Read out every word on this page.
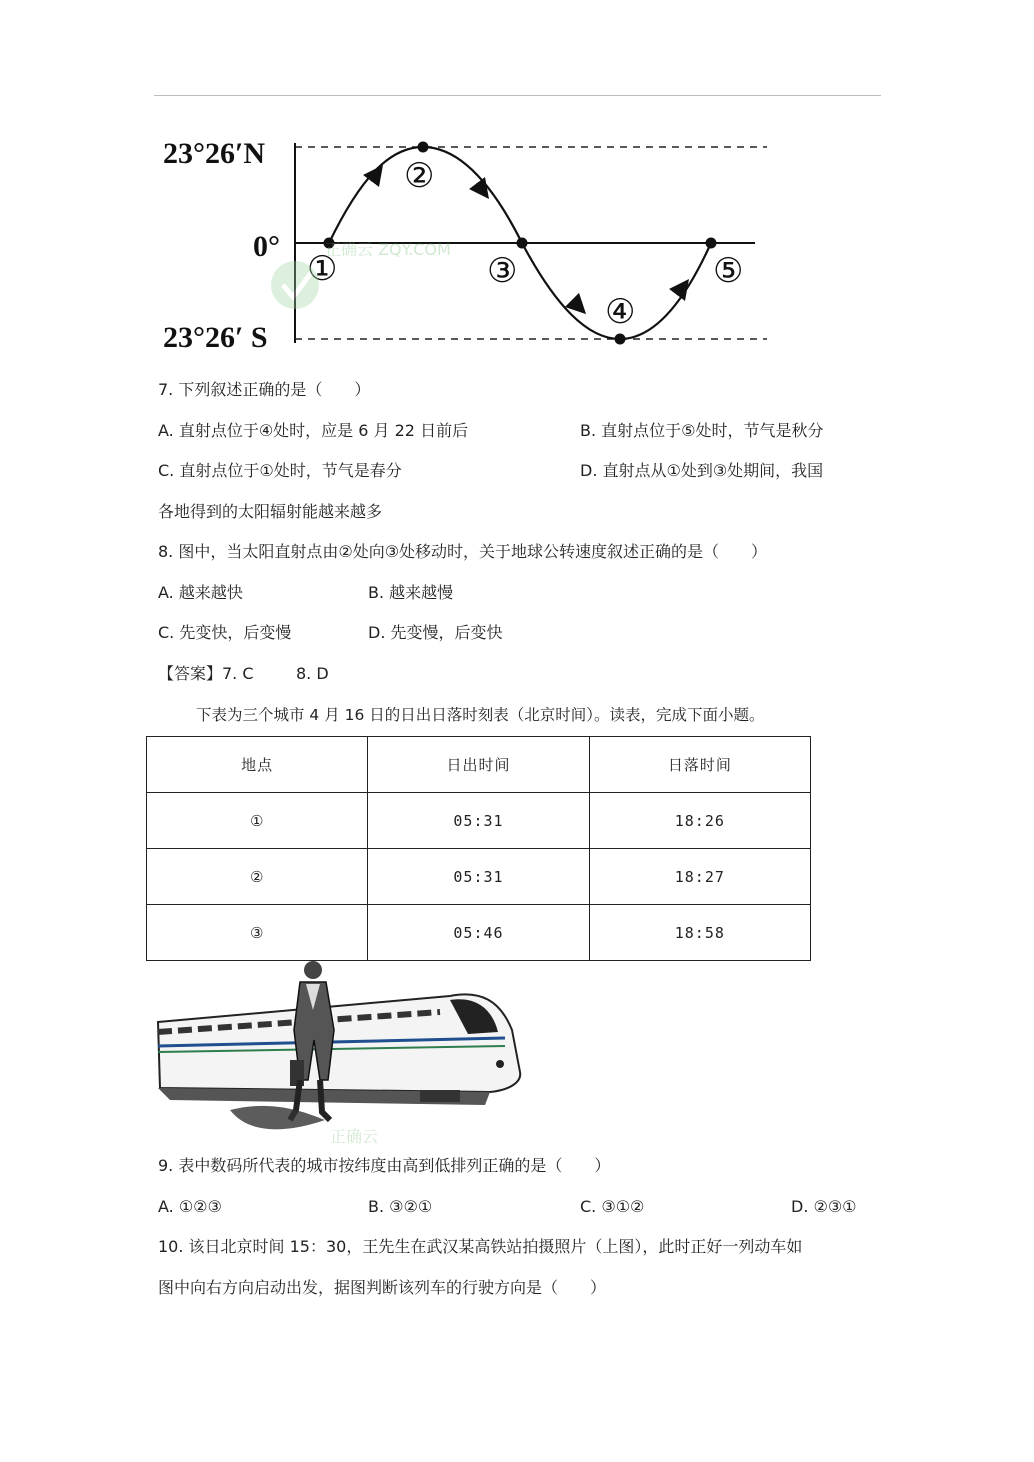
23°26′N
0°
23°26′ S
①
②
③
④
⑤
正确云 ZQY.COM
7. 下列叙述正确的是（　　）
A. 直射点位于④处时，应是 6 月 22 日前后	B. 直射点位于⑤处时，节气是秋分
C. 直射点位于①处时，节气是春分	D. 直射点从①处到③处期间，我国
各地得到的太阳辐射能越来越多
8. 图中，当太阳直射点由②处向③处移动时，关于地球公转速度叙述正确的是（　　）
A. 越来越快	B. 越来越慢
C. 先变快，后变慢	D. 先变慢，后变快
【答案】7. C	8. D
下表为三个城市 4 月 16 日的日出日落时刻表（北京时间）。读表，完成下面小题。
地点	日出时间	日落时间
①	05:31	18:26
②	05:31	18:27
③	05:46	18:58
正确云
9. 表中数码所代表的城市按纬度由高到低排列正确的是（　　）
A. ①②③	B. ③②①	C. ③①②	D. ②③①
10. 该日北京时间 15：30，王先生在武汉某高铁站拍摄照片（上图），此时正好一列动车如
图中向右方向启动出发，据图判断该列车的行驶方向是（　　）
